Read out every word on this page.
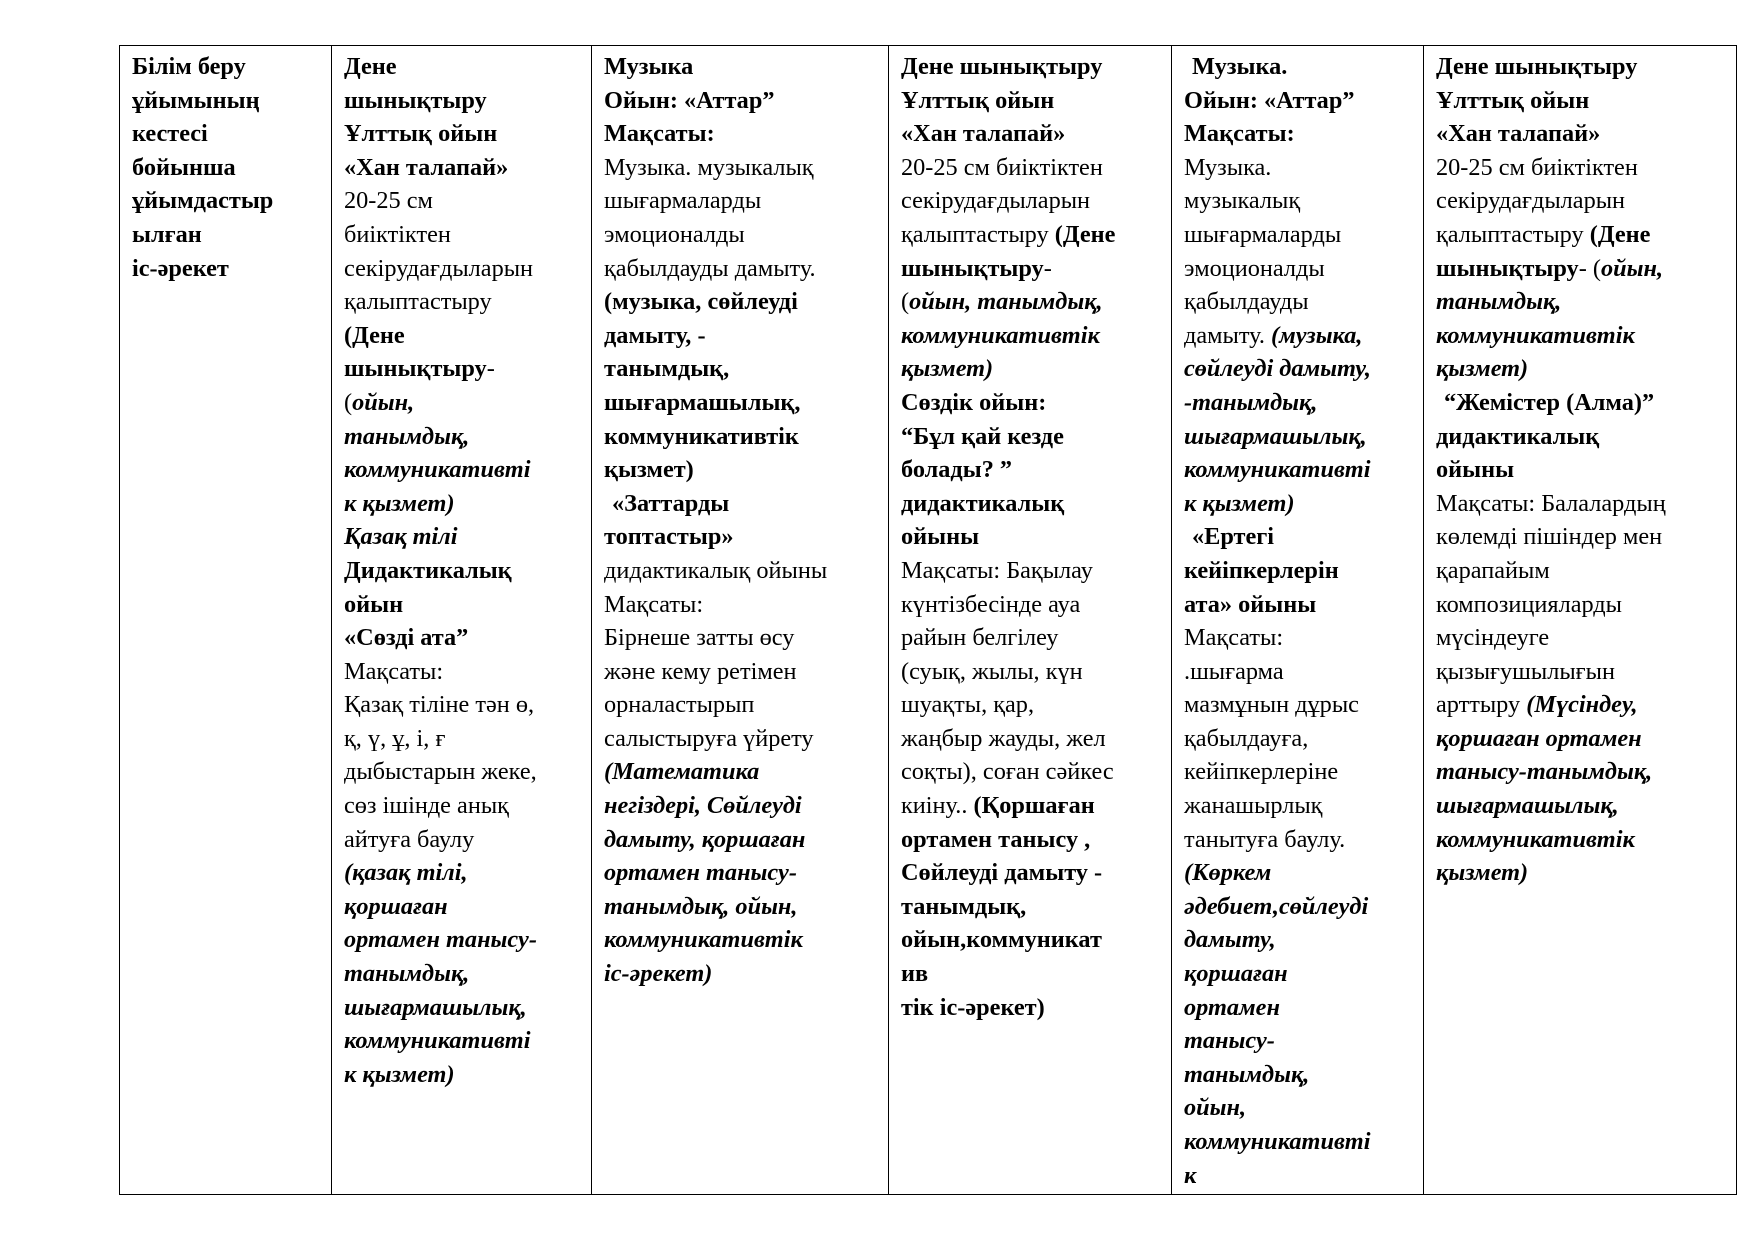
Білім беру
ұйымының
кестесі
бойынша
ұйымдастыр
ылған
іс-әрекет

Дене
шынықтыру
Ұлттық ойын
«Хан талапай»
20-25 см
биіктіктен
секірудағдыларын
қалыптастыру
(Дене
шынықтыру-
(ойын,
танымдық,
коммуникативті
к қызмет)
Қазақ тілі
Дидактикалық
ойын
«Сөзді ата”
Мақсаты:
Қазақ тіліне тән ө,
қ, ү, ұ, і, ғ
дыбыстарын жеке,
сөз ішінде анық
айтуға баулу
(қазақ тілі,
қоршаған
ортамен танысу-
танымдық,
шығармашылық,
коммуникативті
к қызмет)

Музыка
Ойын: «Аттар”
Мақсаты:
Музыка. музыкалық
шығармаларды
эмоционалды
қабылдауды дамыту.
(музыка, сөйлеуді
дамыту, -
танымдық,
шығармашылық,
коммуникативтік
қызмет)
«Заттарды
топтастыр»
дидактикалық ойыны
Мақсаты:
Бірнеше затты өсу
және кему ретімен
орналастырып
салыстыруға үйрету
(Математика
негіздері, Сөйлеуді
дамыту, қоршаған
ортамен танысу-
танымдық, ойын,
коммуникативтік
іс-әрекет)

Дене шынықтыру
Ұлттық ойын
«Хан талапай»
20-25 см биіктіктен
секірудағдыларын
қалыптастыру (Дене
шынықтыру-
(ойын, танымдық,
коммуникативтік
қызмет)
Сөздік ойын:
“Бұл қай кезде
болады? ”
дидактикалық
ойыны
Мақсаты: Бақылау
күнтізбесінде ауа
райын белгілеу
(суық, жылы, күн
шуақты, қар,
жаңбыр жауды, жел
соқты), соған сәйкес
киіну.. (Қоршаған
ортамен танысу ,
Сөйлеуді дамыту -
танымдық,
ойын,коммуникат
ив
тік іс-әрекет)

Музыка.
Ойын: «Аттар”
Мақсаты:
Музыка.
музыкалық
шығармаларды
эмоционалды
қабылдауды
дамыту. (музыка,
сөйлеуді дамыту,
-танымдық,
шығармашылық,
коммуникативті
к қызмет)
«Ертегі
кейіпкерлерін
ата» ойыны
Мақсаты:
.шығарма
мазмұнын дұрыс
қабылдауға,
кейіпкерлеріне
жанашырлық
танытуға баулу.
(Көркем
әдебиет,сөйлеуді
дамыту,
қоршаған
ортамен
танысу-
танымдық,
ойын,
коммуникативті
к

Дене шынықтыру
Ұлттық ойын
«Хан талапай»
20-25 см биіктіктен
секірудағдыларын
қалыптастыру (Дене
шынықтыру- (ойын,
танымдық,
коммуникативтік
қызмет)
“Жемістер (Алма)”
дидактикалық
ойыны
Мақсаты: Балалардың
көлемді пішіндер мен
қарапайым
композицияларды
мүсіндеуге
қызығушылығын
арттыру (Мүсіндеу,
қоршаған ортамен
танысу-танымдық,
шығармашылық,
коммуникативтік
қызмет)
